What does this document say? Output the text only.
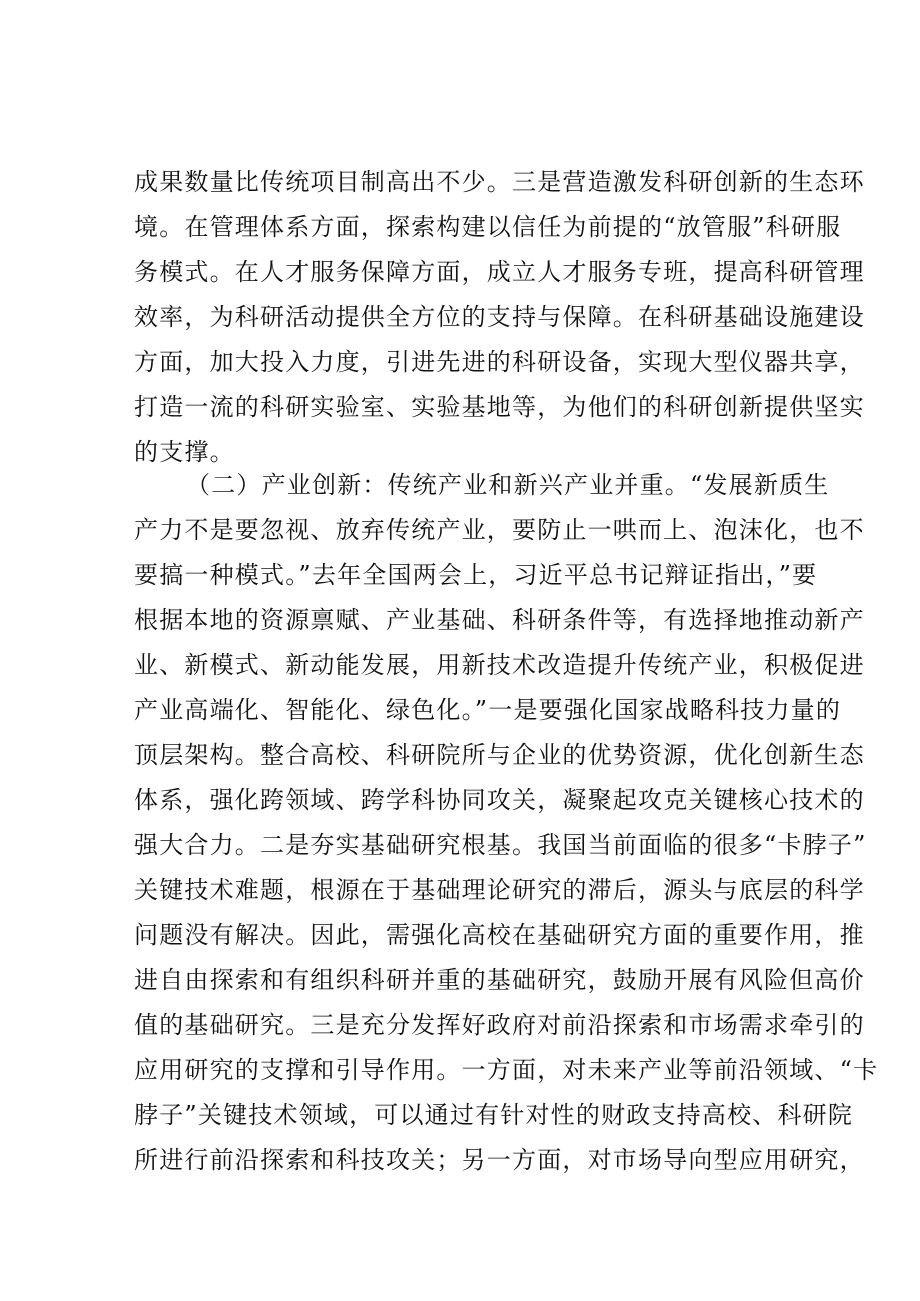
成果数量比传统项目制高出不少。三是营造激发科研创新的生态环
境。在管理体系方面，探索构建以信任为前提的“放管服”科研服
务模式。在人才服务保障方面，成立人才服务专班，提高科研管理
效率，为科研活动提供全方位的支持与保障。在科研基础设施建设
方面，加大投入力度，引进先进的科研设备，实现大型仪器共享，
打造一流的科研实验室、实验基地等，为他们的科研创新提供坚实
的支撑。
（二）产业创新：传统产业和新兴产业并重。“发展新质生
产力不是要忽视、放弃传统产业，要防止一哄而上、泡沫化，也不
要搞一种模式。”去年全国两会上，习近平总书记辩证指出，”要
根据本地的资源禀赋、产业基础、科研条件等，有选择地推动新产
业、新模式、新动能发展，用新技术改造提升传统产业，积极促进
产业高端化、智能化、绿色化。”一是要强化国家战略科技力量的
顶层架构。整合高校、科研院所与企业的优势资源，优化创新生态
体系，强化跨领域、跨学科协同攻关，凝聚起攻克关键核心技术的
强大合力。二是夯实基础研究根基。我国当前面临的很多“卡脖子”
关键技术难题，根源在于基础理论研究的滞后，源头与底层的科学
问题没有解决。因此，需强化高校在基础研究方面的重要作用，推
进自由探索和有组织科研并重的基础研究，鼓励开展有风险但高价
值的基础研究。三是充分发挥好政府对前沿探索和市场需求牵引的
应用研究的支撑和引导作用。一方面，对未来产业等前沿领域、“卡
脖子”关键技术领域，可以通过有针对性的财政支持高校、科研院
所进行前沿探索和科技攻关；另一方面，对市场导向型应用研究，
